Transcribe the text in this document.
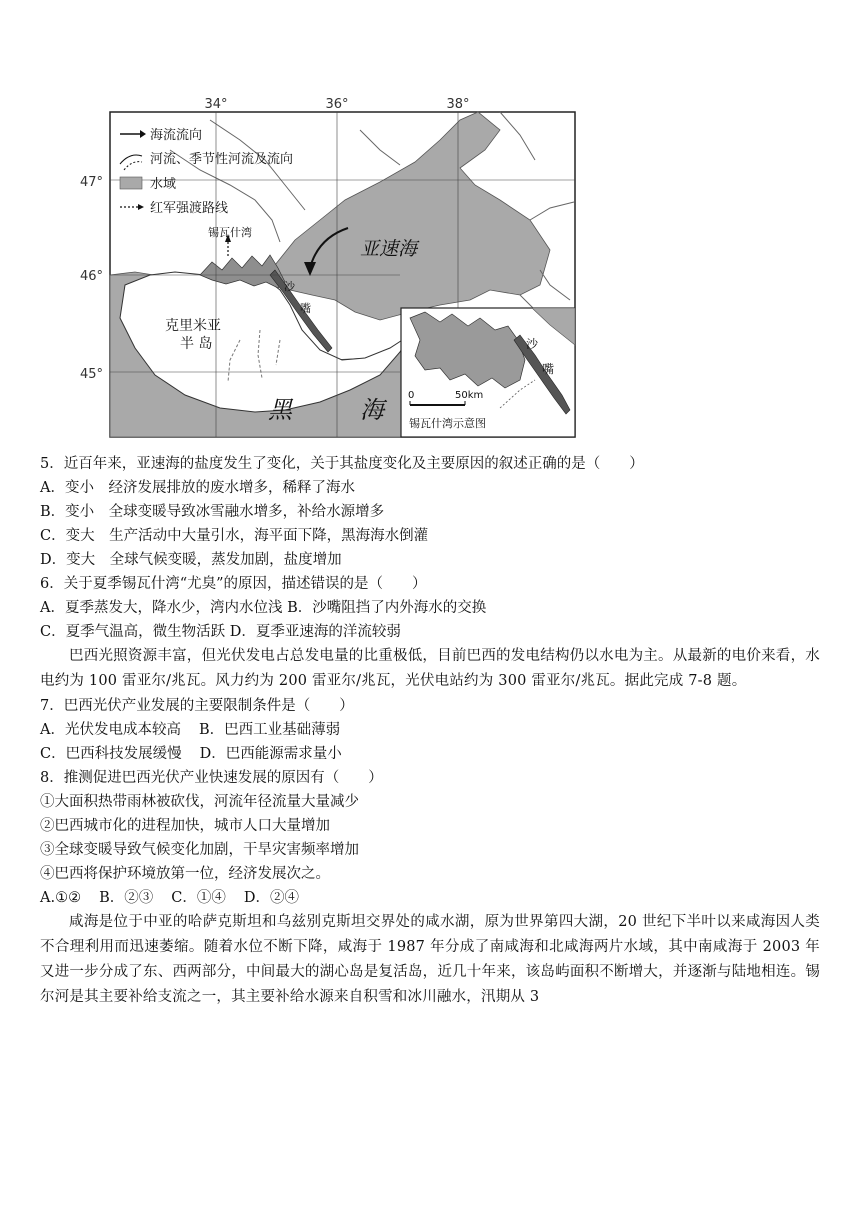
34°	36°	38°
47°
46°
45°
海流流向
河流、季节性河流及流向
水域
红军强渡路线
锡瓦什湾
亚速海
克里米亚
半 岛
黑	海
沙
嘴
0	50km
锡瓦什湾示意图
沙
嘴
5．近百年来，亚速海的盐度发生了变化，关于其盐度变化及主要原因的叙述正确的是（　　）
A．变小　经济发展排放的废水增多，稀释了海水
B．变小　全球变暖导致冰雪融水增多，补给水源增多
C．变大　生产活动中大量引水，海平面下降，黑海海水倒灌
D．变大　全球气候变暖，蒸发加剧，盐度增加
6．关于夏季锡瓦什湾“尤臭”的原因，描述错误的是（　　）
A．夏季蒸发大，降水少，湾内水位浅 B．沙嘴阻挡了内外海水的交换
C．夏季气温高，微生物活跃 D．夏季亚速海的洋流较弱
巴西光照资源丰富，但光伏发电占总发电量的比重极低，目前巴西的发电结构仍以水电为主。从最新的电价来看，水电约为 100 雷亚尔/兆瓦。风力约为 200 雷亚尔/兆瓦，光伏电站约为 300 雷亚尔/兆瓦。据此完成 7-8 题。
7．巴西光伏产业发展的主要限制条件是（　　）
A．光伏发电成本较高 B．巴西工业基础薄弱
C．巴西科技发展缓慢 D．巴西能源需求量小
8．推测促进巴西光伏产业快速发展的原因有（　　）
①大面积热带雨林被砍伐，河流年径流量大量减少
②巴西城市化的进程加快，城市人口大量增加
③全球变暖导致气候变化加剧，干旱灾害频率增加
④巴西将保护环境放第一位，经济发展次之。
A.①② B．②③ C．①④ D．②④
咸海是位于中亚的哈萨克斯坦和乌兹别克斯坦交界处的咸水湖，原为世界第四大湖，20 世纪下半叶以来咸海因人类不合理利用而迅速萎缩。随着水位不断下降，咸海于 1987 年分成了南咸海和北咸海两片水域，其中南咸海于 2003 年又进一步分成了东、西两部分，中间最大的湖心岛是复活岛，近几十年来，该岛屿面积不断增大，并逐渐与陆地相连。锡尔河是其主要补给支流之一，其主要补给水源来自积雪和冰川融水，汛期从 3
